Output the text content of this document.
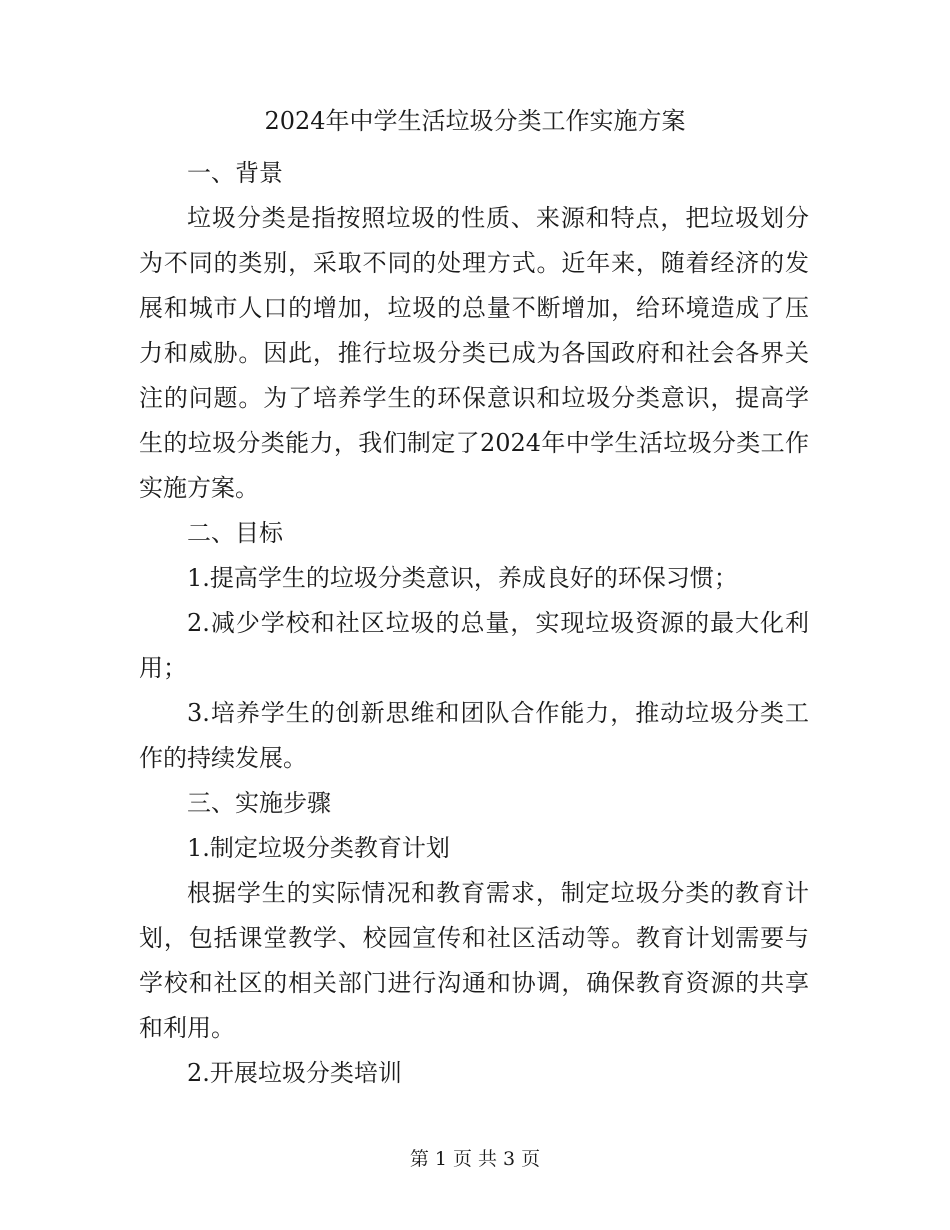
2024年中学生活垃圾分类工作实施方案

一、背景

垃圾分类是指按照垃圾的性质、来源和特点，把垃圾划分为不同的类别，采取不同的处理方式。近年来，随着经济的发展和城市人口的增加，垃圾的总量不断增加，给环境造成了压力和威胁。因此，推行垃圾分类已成为各国政府和社会各界关注的问题。为了培养学生的环保意识和垃圾分类意识，提高学生的垃圾分类能力，我们制定了2024年中学生活垃圾分类工作实施方案。

二、目标

1.提高学生的垃圾分类意识，养成良好的环保习惯；

2.减少学校和社区垃圾的总量，实现垃圾资源的最大化利用；

3.培养学生的创新思维和团队合作能力，推动垃圾分类工作的持续发展。

三、实施步骤

1.制定垃圾分类教育计划

根据学生的实际情况和教育需求，制定垃圾分类的教育计划，包括课堂教学、校园宣传和社区活动等。教育计划需要与学校和社区的相关部门进行沟通和协调，确保教育资源的共享和利用。

2.开展垃圾分类培训

第 1 页 共 3 页
